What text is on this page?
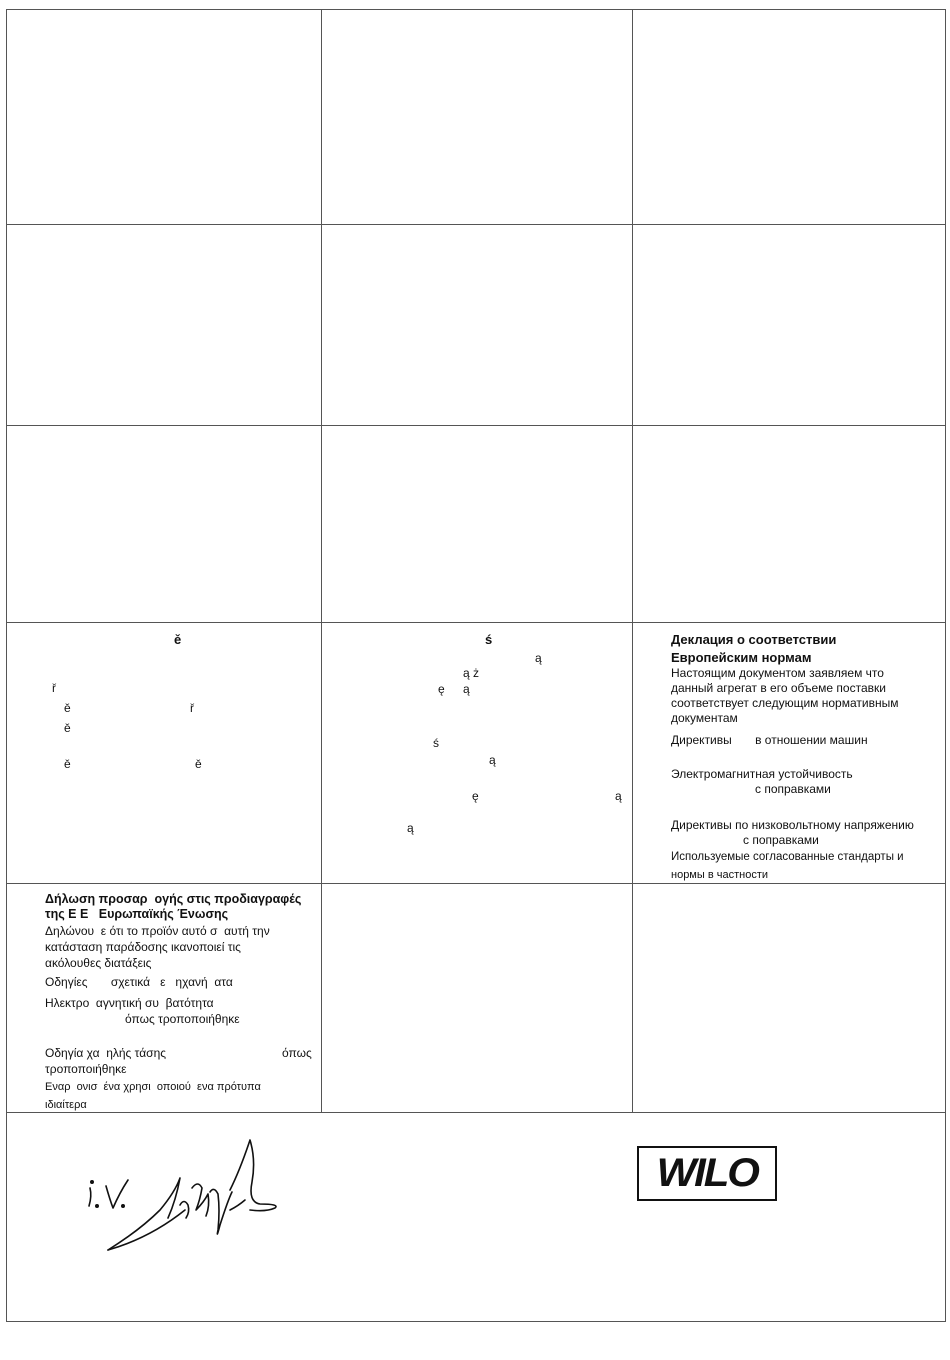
ě
ř
ě	ř
ě
ě	ě
ś
ą
ą ż
ę ą
ś
ą
ę	ą
ą
Деклация о соответствии
Европейским нормам
Настоящим документом заявляем что
данный агрегат в его объеме поставки
соответствует следующим нормативным
документам
Директивы       в отношении машин
Электромагнитная устойчивость
с поправками
Директивы по низковольтному напряжению
с поправками
Используемые согласованные стандарты и
нормы в частности
Δήλωση προσαρ  ογής στις προδιαγραφές
της Ε Ε   Ευρωπαϊκής Ένωσης
Δηλώνου  ε ότι το προϊόν αυτό σ  αυτή την
κατάσταση παράδοσης ικανοποιεί τις
ακόλουθες διατάξεις
Οδηγίες       σχετικά   ε   ηχανή  ατα
Ηλεκτρο  αγνητική συ  βατότητα
όπως τροποποιήθηκε
Οδηγία χα  ηλής τάσης	όπως
τροποποιήθηκε
Εναρ  ονισ  ένα χρησι  οποιού  ενα πρότυπα
ιδιαίτερα
WILO
